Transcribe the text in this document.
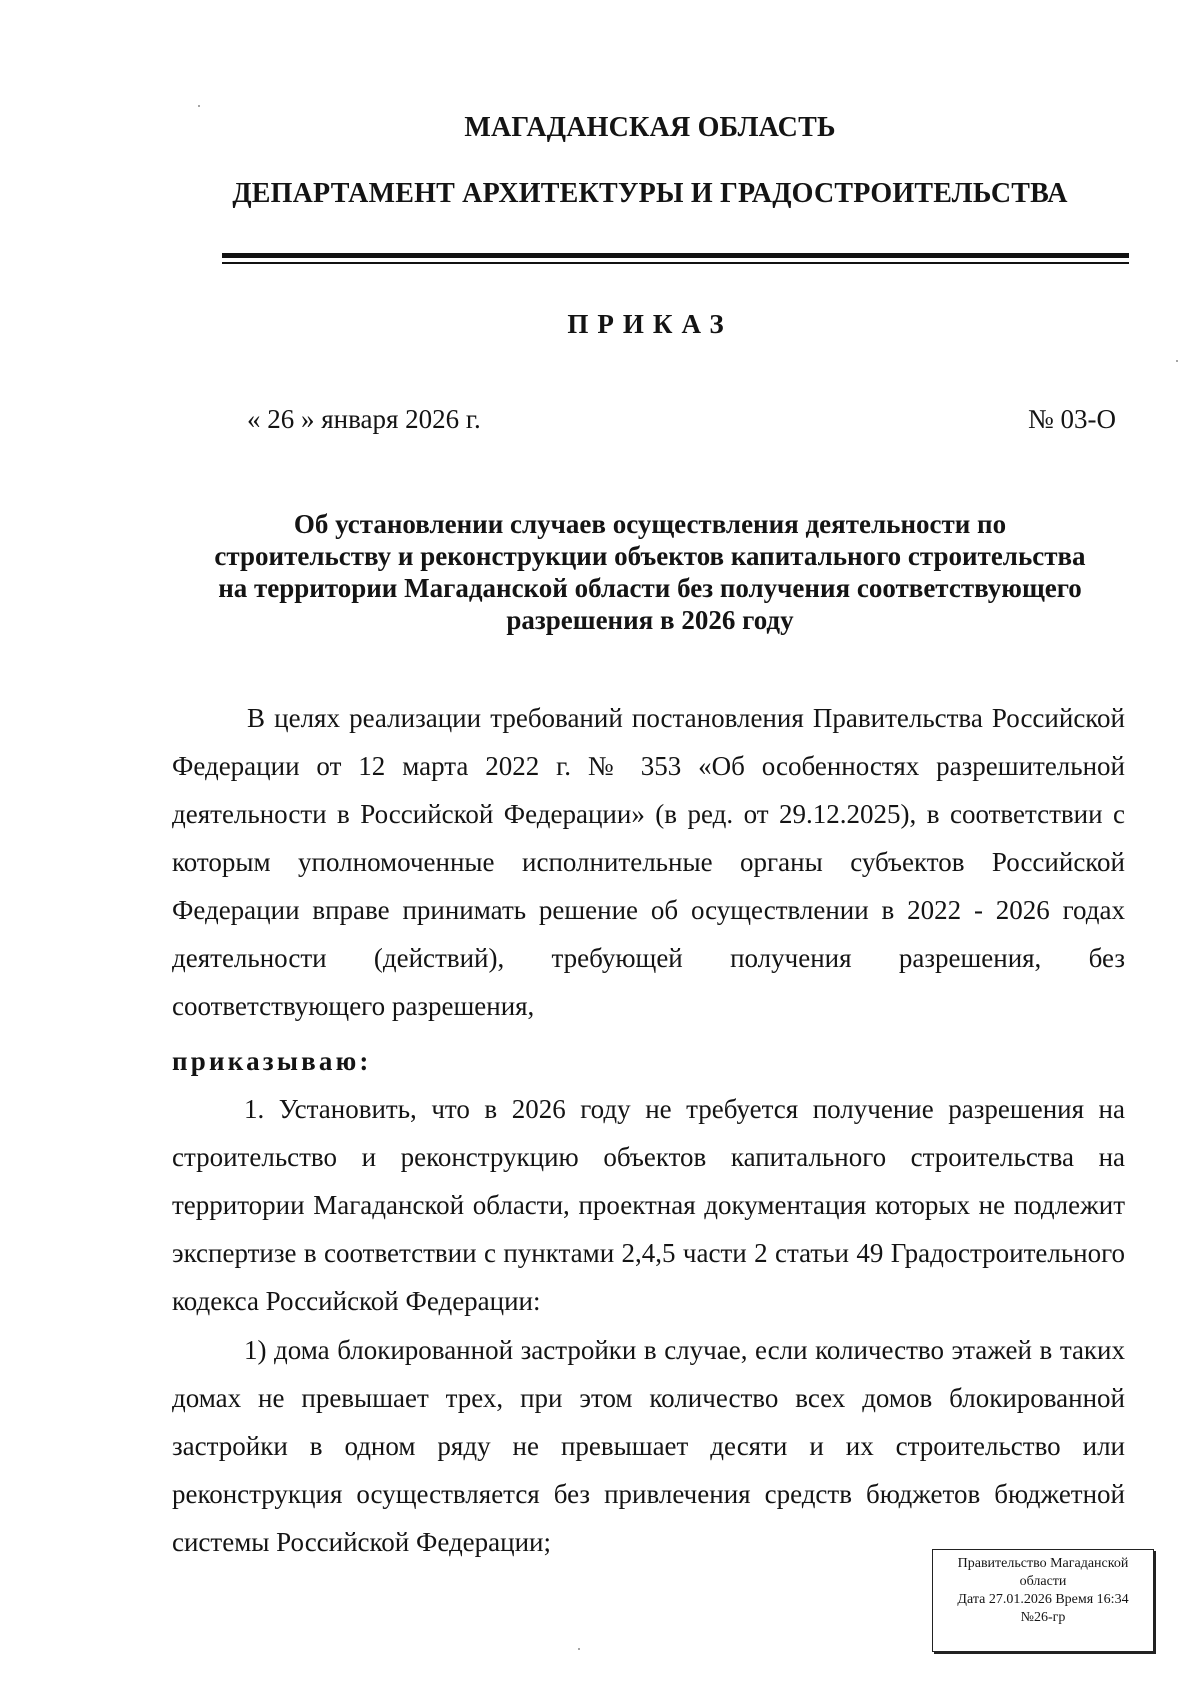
МАГАДАНСКАЯ ОБЛАСТЬ
ДЕПАРТАМЕНТ АРХИТЕКТУРЫ И ГРАДОСТРОИТЕЛЬСТВА
ПРИКАЗ
« 26 » января 2026 г.	№ 03-О
Об установлении случаев осуществления деятельности по
строительству и реконструкции объектов капитального строительства
на территории Магаданской области без получения соответствующего
разрешения в 2026 году
В целях реализации требований постановления Правительства Российской Федерации от 12 марта 2022 г. № 353 «Об особенностях разрешительной деятельности в Российской Федерации» (в ред. от 29.12.2025), в соответствии с которым уполномоченные исполнительные органы субъектов Российской Федерации вправе принимать решение об осуществлении в 2022 - 2026 годах деятельности (действий), требующей получения разрешения, без соответствующего разрешения,
приказываю:
1. Установить, что в 2026 году не требуется получение разрешения на строительство и реконструкцию объектов капитального строительства на территории Магаданской области, проектная документация которых не подлежит экспертизе в соответствии с пунктами 2,4,5 части 2 статьи 49 Градостроительного кодекса Российской Федерации:
1) дома блокированной застройки в случае, если количество этажей в таких домах не превышает трех, при этом количество всех домов блокированной застройки в одном ряду не превышает десяти и их строительство или реконструкция осуществляется без привлечения средств бюджетов бюджетной системы Российской Федерации;
Правительство Магаданской
области
Дата 27.01.2026 Время 16:34
№26-гр
